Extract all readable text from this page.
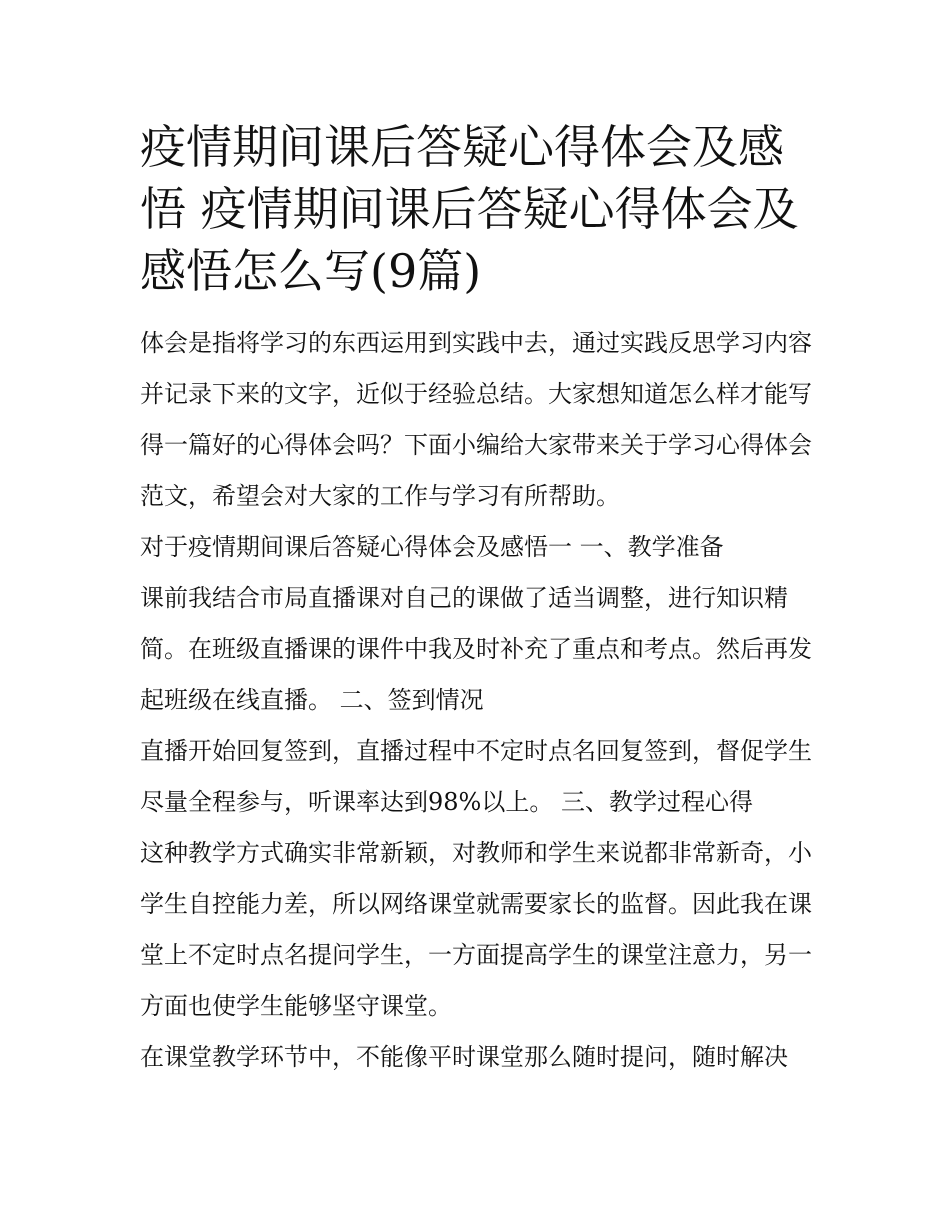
疫情期间课后答疑心得体会及感悟 疫情期间课后答疑心得体会及感悟怎么写(9篇)

体会是指将学习的东西运用到实践中去，通过实践反思学习内容并记录下来的文字，近似于经验总结。大家想知道怎么样才能写得一篇好的心得体会吗？下面小编给大家带来关于学习心得体会范文，希望会对大家的工作与学习有所帮助。

对于疫情期间课后答疑心得体会及感悟一 一、教学准备

课前我结合市局直播课对自己的课做了适当调整，进行知识精简。在班级直播课的课件中我及时补充了重点和考点。然后再发起班级在线直播。 二、签到情况

直播开始回复签到，直播过程中不定时点名回复签到，督促学生尽量全程参与，听课率达到98%以上。 三、教学过程心得

这种教学方式确实非常新颖，对教师和学生来说都非常新奇，小学生自控能力差，所以网络课堂就需要家长的监督。因此我在课堂上不定时点名提问学生，一方面提高学生的课堂注意力，另一方面也使学生能够坚守课堂。

在课堂教学环节中，不能像平时课堂那么随时提问，随时解决
